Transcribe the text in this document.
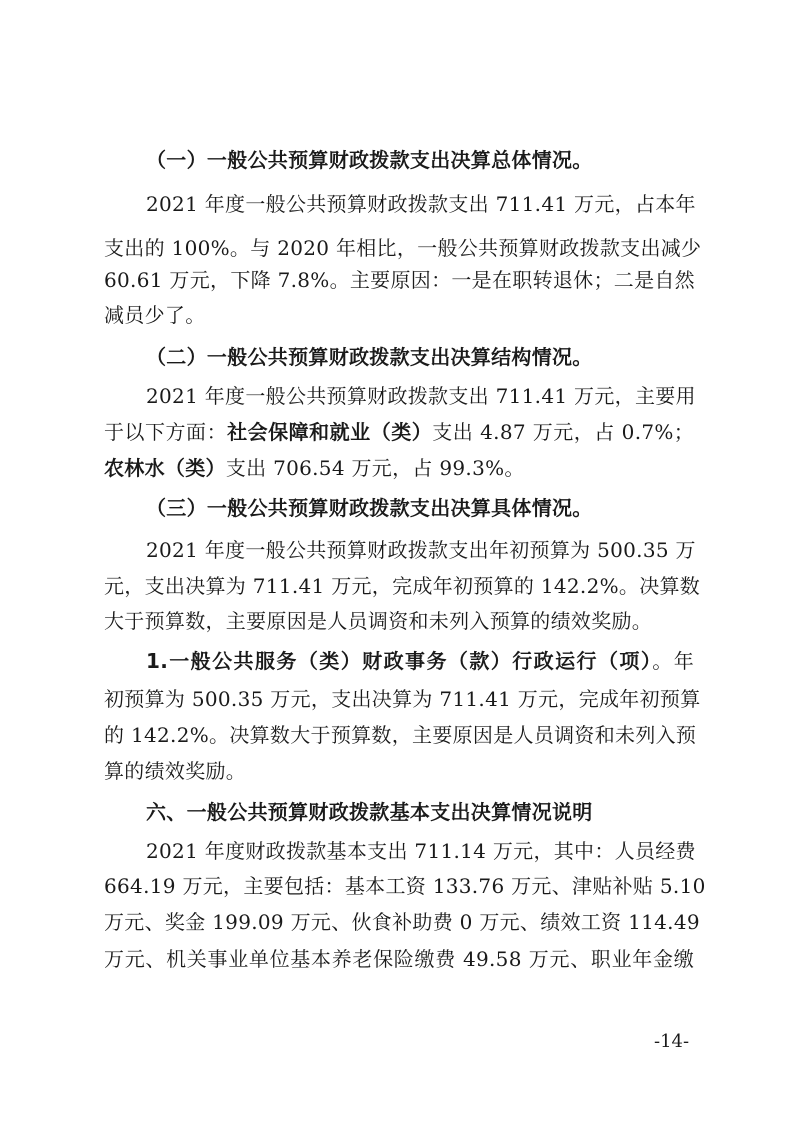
（一）一般公共预算财政拨款支出决算总体情况。
2021 年度一般公共预算财政拨款支出 711.41 万元，占本年
支出的 100%。与 2020 年相比，一般公共预算财政拨款支出减少
60.61 万元，下降 7.8%。主要原因：一是在职转退休；二是自然
减员少了。
（二）一般公共预算财政拨款支出决算结构情况。
2021 年度一般公共预算财政拨款支出 711.41 万元，主要用
于以下方面：社会保障和就业（类）支出 4.87 万元，占 0.7%；
农林水（类）支出 706.54 万元，占 99.3%。
（三）一般公共预算财政拨款支出决算具体情况。
2021 年度一般公共预算财政拨款支出年初预算为 500.35 万
元，支出决算为 711.41 万元，完成年初预算的 142.2%。决算数
大于预算数，主要原因是人员调资和未列入预算的绩效奖励。
1.一般公共服务（类）财政事务（款）行政运行（项）。年
初预算为 500.35 万元，支出决算为 711.41 万元，完成年初预算
的 142.2%。决算数大于预算数，主要原因是人员调资和未列入预
算的绩效奖励。
六、一般公共预算财政拨款基本支出决算情况说明
2021 年度财政拨款基本支出 711.14 万元，其中：人员经费
664.19 万元，主要包括：基本工资 133.76 万元、津贴补贴 5.10
万元、奖金 199.09 万元、伙食补助费 0 万元、绩效工资 114.49
万元、机关事业单位基本养老保险缴费 49.58 万元、职业年金缴
-14-
